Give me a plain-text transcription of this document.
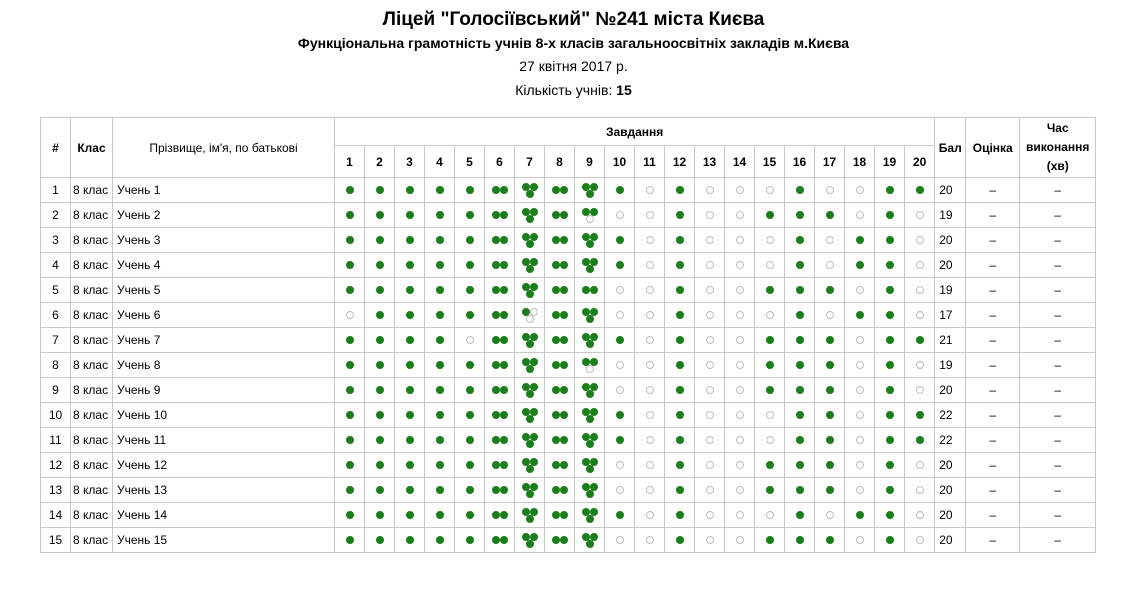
Ліцей "Голосіївський" №241 міста Києва
Функціональна грамотність учнів 8-х класів загальноосвітніх закладів м.Києва
27 квітня 2017 р.
Кількість учнів: 15
#	Клас	Прізвище, ім'я, по батькові	Завдання																				Бал	Оцінка	Час виконання (хв)
			1	2	3	4	5	6	7	8	9	10	11	12	13	14	15	16	17	18	19	20			
1	8 клас	Учень 1																					20	–	–
2	8 клас	Учень 2																					19	–	–
3	8 клас	Учень 3																					20	–	–
4	8 клас	Учень 4																					20	–	–
5	8 клас	Учень 5																					19	–	–
6	8 клас	Учень 6																					17	–	–
7	8 клас	Учень 7																					21	–	–
8	8 клас	Учень 8																					19	–	–
9	8 клас	Учень 9																					20	–	–
10	8 клас	Учень 10																					22	–	–
11	8 клас	Учень 11																					22	–	–
12	8 клас	Учень 12																					20	–	–
13	8 клас	Учень 13																					20	–	–
14	8 клас	Учень 14																					20	–	–
15	8 клас	Учень 15																					20	–	–
